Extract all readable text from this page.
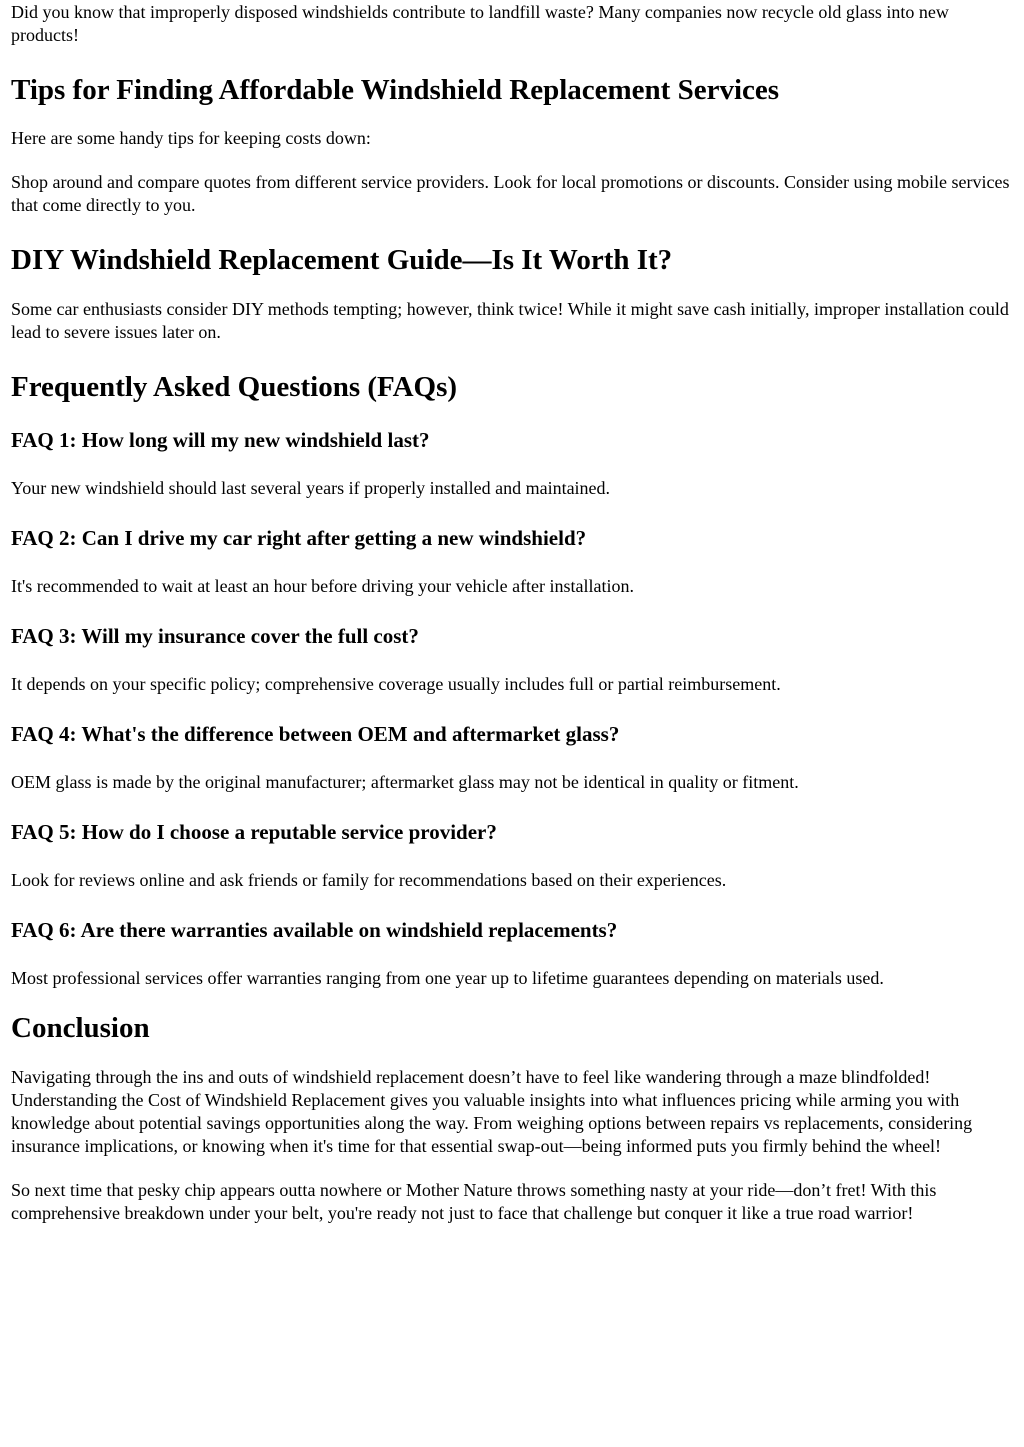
Did you know that improperly disposed windshields contribute to landfill waste? Many companies now recycle old glass into new products!

Tips for Finding Affordable Windshield Replacement Services

Here are some handy tips for keeping costs down:

Shop around and compare quotes from different service providers. Look for local promotions or discounts. Consider using mobile services that come directly to you.

DIY Windshield Replacement Guide—Is It Worth It?

Some car enthusiasts consider DIY methods tempting; however, think twice! While it might save cash initially, improper installation could lead to severe issues later on.

Frequently Asked Questions (FAQs)
FAQ 1: How long will my new windshield last?

Your new windshield should last several years if properly installed and maintained.

FAQ 2: Can I drive my car right after getting a new windshield?

It's recommended to wait at least an hour before driving your vehicle after installation.

FAQ 3: Will my insurance cover the full cost?

It depends on your specific policy; comprehensive coverage usually includes full or partial reimbursement.

FAQ 4: What's the difference between OEM and aftermarket glass?

OEM glass is made by the original manufacturer; aftermarket glass may not be identical in quality or fitment.

FAQ 5: How do I choose a reputable service provider?

Look for reviews online and ask friends or family for recommendations based on their experiences.

FAQ 6: Are there warranties available on windshield replacements?

Most professional services offer warranties ranging from one year up to lifetime guarantees depending on materials used.

Conclusion

Navigating through the ins and outs of windshield replacement doesn’t have to feel like wandering through a maze blindfolded! Understanding the Cost of Windshield Replacement gives you valuable insights into what influences pricing while arming you with knowledge about potential savings opportunities along the way. From weighing options between repairs vs replacements, considering insurance implications, or knowing when it's time for that essential swap-out—being informed puts you firmly behind the wheel!

So next time that pesky chip appears outta nowhere or Mother Nature throws something nasty at your ride—don’t fret! With this comprehensive breakdown under your belt, you're ready not just to face that challenge but conquer it like a true road warrior!
